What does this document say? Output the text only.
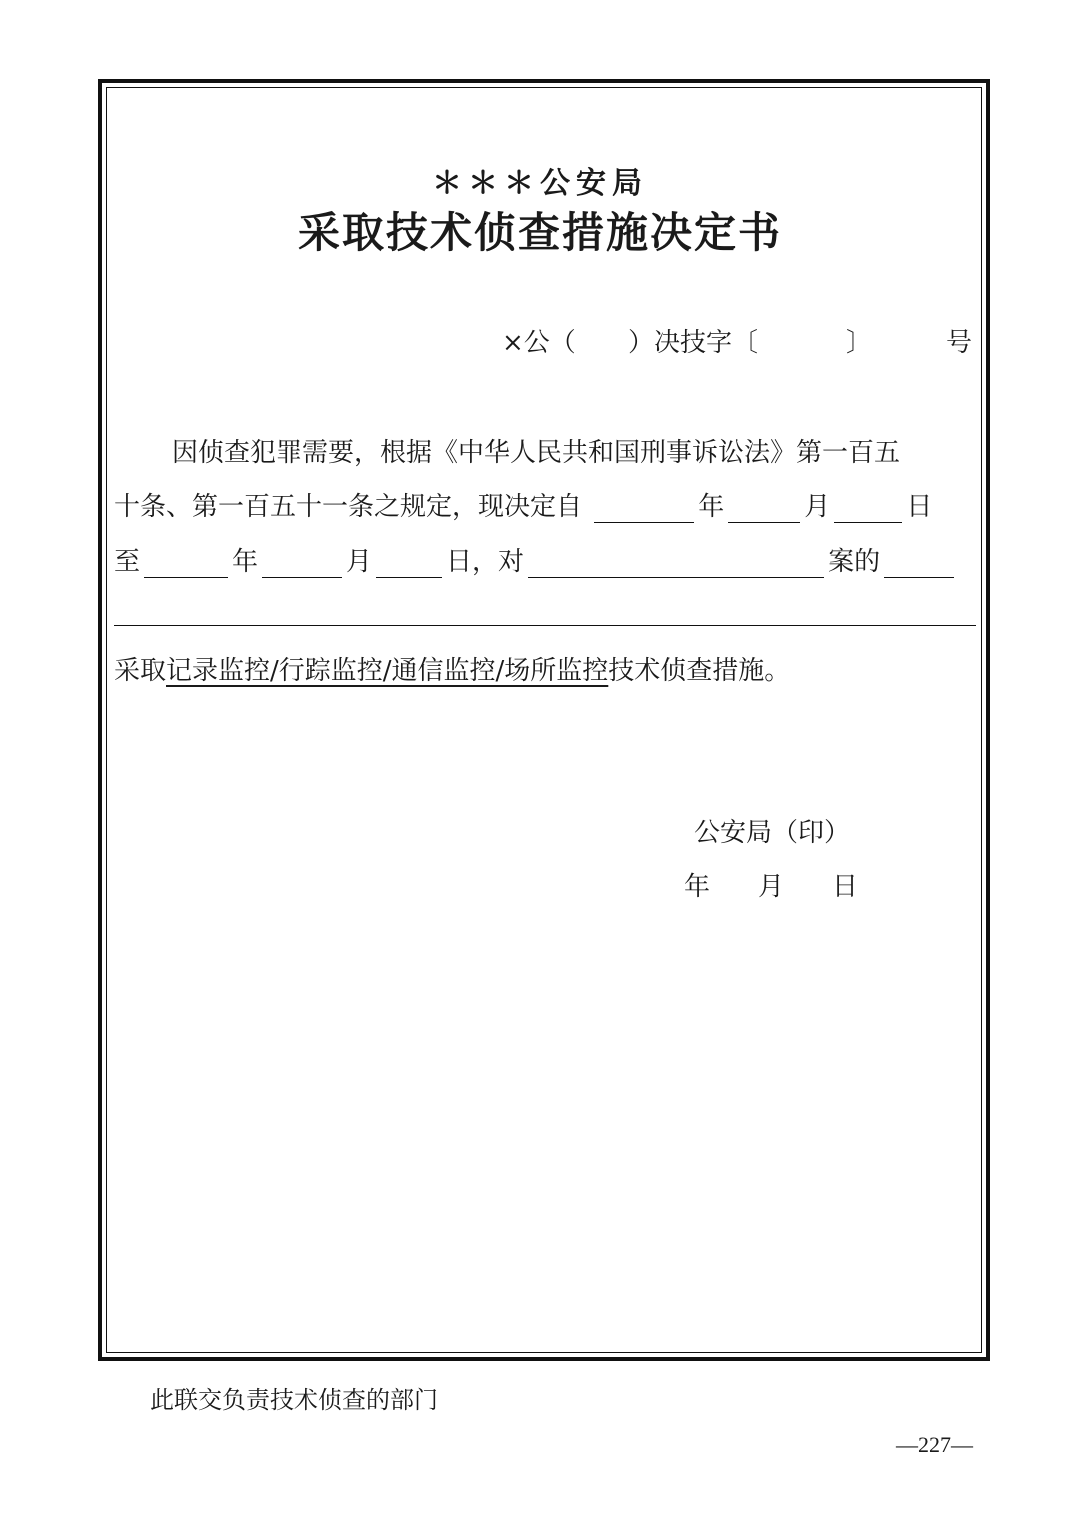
＊＊＊公安局
采取技术侦查措施决定书
×公（ ）决技字〔	〕	号
因侦查犯罪需要，根据《中华人民共和国刑事诉讼法》第一百五
十条、第一百五十一条之规定，现决定自	年	月	日
至	年	月	日，对	案的
采取记录监控/行踪监控/通信监控/场所监控技术侦查措施。
公安局（印）
年 月 日
此联交负责技术侦查的部门
—227—
